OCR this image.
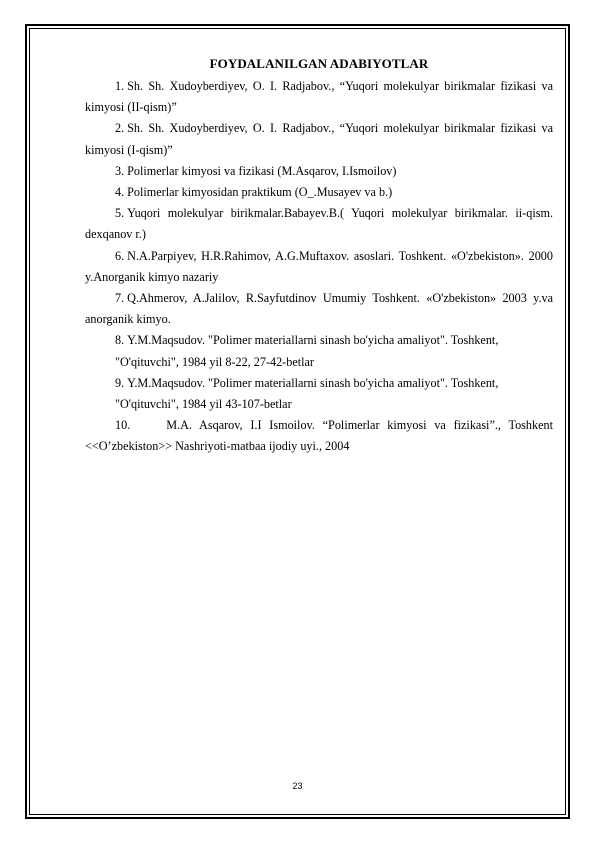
FOYDALANILGAN ADABIYOTLAR

1. Sh. Sh. Xudoyberdiyev, O. I. Radjabov., “Yuqori molekulyar birikmalar fizikasi va kimyosi (II-qism)”

2. Sh. Sh. Xudoyberdiyev, O. I. Radjabov., “Yuqori molekulyar birikmalar fizikasi va kimyosi (I-qism)”

3. Polimerlar kimyosi va fizikasi (M.Asqarov, I.Ismoilov)

4. Polimerlar kimyosidan praktikum (O_.Musayev va b.)

5. Yuqori molekulyar birikmalar.Babayev.B.( Yuqori molekulyar birikmalar. ii-qism. dexqanov r.)

6. N.A.Parpiyev, H.R.Rahimov, A.G.Muftaxov. asoslari. Toshkent. «O'zbekiston». 2000 y.Anorganik kimyo nazariy

7. Q.Ahmerov, A.Jalilov, R.Sayfutdinov Umumiy Toshkent. «O'zbekiston» 2003 y.va anorganik kimyo.

8. Y.M.Maqsudov. "Polimer materiallarni sinash bo'yicha amaliyot". Toshkent,

"O'qituvchi", 1984 yil 8-22, 27-42-betlar

9. Y.M.Maqsudov. "Polimer materiallarni sinash bo'yicha amaliyot". Toshkent,

"O'qituvchi", 1984 yil 43-107-betlar

10.	M.A. Asqarov, I.I Ismoilov. “Polimerlar kimyosi va fizikasi”., Toshkent <<O’zbekiston>> Nashriyoti-matbaa ijodiy uyi., 2004

23
